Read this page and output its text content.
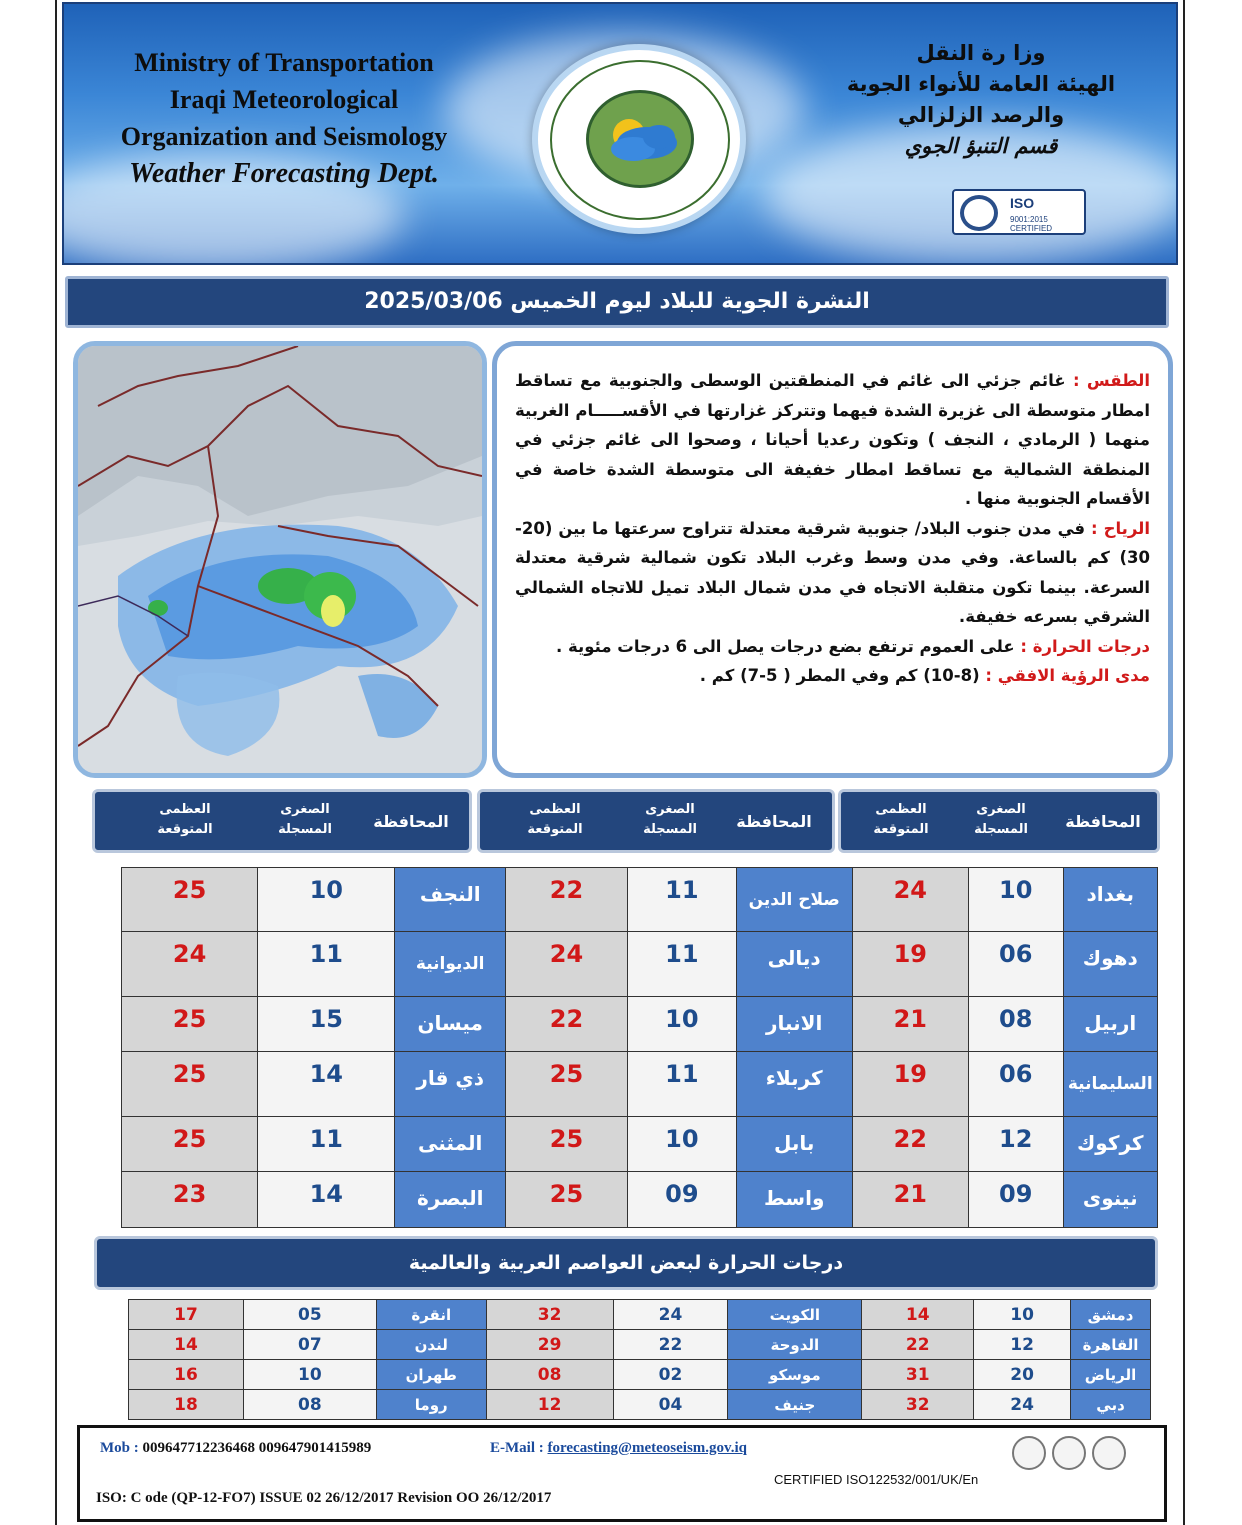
Ministry of Transportation
Iraqi Meteorological
Organization and Seismology
Weather Forecasting Dept.
وزا رة النقل
الهيئة العامة للأنواء الجوية
والرصد الزلزالي
قسم التنبؤ الجوي
ISO
9001:2015
CERTIFIED
النشرة الجوية للبلاد ليوم الخميس 2025/03/06
الطقس : غائم جزئي الى غائم في المنطقتين الوسطى والجنوبية مع تساقط امطار متوسطة الى غزيرة الشدة فيهما وتتركز غزارتها في الأقســـــام الغربية منهما ( الرمادي ، النجف ) وتكون رعديا أحيانا ، وصحوا الى غائم جزئي في المنطقة الشمالية مع تساقط امطار خفيفة الى متوسطة الشدة خاصة في الأقسام الجنوبية منها .
الرياح : في مدن جنوب البلاد/ جنوبية شرقية معتدلة تتراوح سرعتها ما بين (20-30) كم بالساعة. وفي مدن وسط وغرب البلاد تكون شمالية شرقية معتدلة السرعة. بينما تكون متقلبة الاتجاه في مدن شمال البلاد تميل للاتجاه الشمالي الشرقي بسرعه خفيفة.
درجات الحرارة : على العموم ترتفع بضع درجات يصل الى 6 درجات مئوية .
مدى الرؤية الافقي : (8-10) كم وفي المطر ( 5-7) كم .
المحافظة
الصغرى
المسجلة
العظمى
المتوقعة
المحافظة
الصغرى
المسجلة
العظمى
المتوقعة
المحافظة
الصغرى
المسجلة
العظمى
المتوقعة
بغداد	10	24	صلاح الدين	11	22	النجف	10	25
دهوك	06	19	ديالى	11	24	الديوانية	11	24
اربيل	08	21	الانبار	10	22	ميسان	15	25
السليمانية	06	19	كربلاء	11	25	ذي قار	14	25
كركوك	12	22	بابل	10	25	المثنى	11	25
نينوى	09	21	واسط	09	25	البصرة	14	23
درجات الحرارة لبعض العواصم العربية والعالمية
دمشق	10	14	الكويت	24	32	انقرة	05	17
القاهرة	12	22	الدوحة	22	29	لندن	07	14
الرياض	20	31	موسكو	02	08	طهران	10	16
دبي	24	32	جنيف	04	12	روما	08	18
Mob : 009647712236468 009647901415989	E-Mail : forecasting@meteoseism.gov.iq
CERTIFIED ISO122532/001/UK/En
ISO: C ode (QP-12-FO7) ISSUE 02 26/12/2017 Revision OO 26/12/2017
